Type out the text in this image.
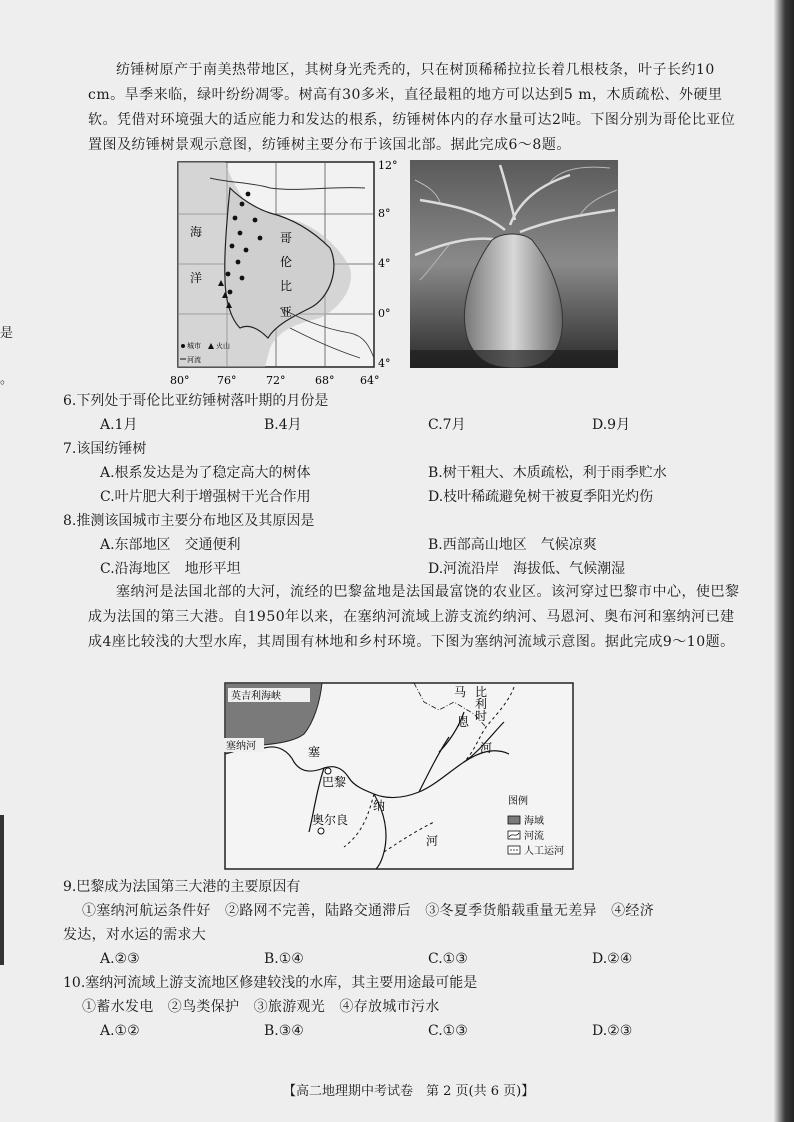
纺锤树原产于南美热带地区，其树身光秃秃的，只在树顶稀稀拉拉长着几根枝条，叶子长约10 cm。旱季来临，绿叶纷纷凋零。树高有30多米，直径最粗的地方可以达到5 m，木质疏松、外硬里软。凭借对环境强大的适应能力和发达的根系，纺锤树体内的存水量可达2吨。下图分别为哥伦比亚位置图及纺锤树景观示意图，纺锤树主要分布于该国北部。据此完成6～8题。

海
洋
哥
伦
比
亚
城市 火山
河流
12°
8°
4°
0°
4°
80°	76°	72°	68° 64°

6.下列处于哥伦比亚纺锤树落叶期的月份是

A.1月	B.4月	C.7月	D.9月

7.该国纺锤树

A.根系发达是为了稳定高大的树体	B.树干粗大、木质疏松，利于雨季贮水
C.叶片肥大利于增强树干光合作用	D.枝叶稀疏避免树干被夏季阳光灼伤

8.推测该国城市主要分布地区及其原因是

A.东部地区　交通便利	B.西部高山地区　气候凉爽
C.沿海地区　地形平坦	D.河流沿岸　海拔低、气候潮湿

塞纳河是法国北部的大河，流经的巴黎盆地是法国最富饶的农业区。该河穿过巴黎市中心，使巴黎成为法国的第三大港。自1950年以来，在塞纳河流域上游支流约纳河、马恩河、奥布河和塞纳河已建成4座比较浅的大型水库，其周围有林地和乡村环境。下图为塞纳河流域示意图。据此完成9～10题。

英吉利海峡
塞纳河	塞
巴黎
纳
奥尔良
河
马
恩
河
比
利
时
图例
海域
河流
人工运河

9.巴黎成为法国第三大港的主要原因有

①塞纳河航运条件好　②路网不完善，陆路交通滞后　③冬夏季货船载重量无差异　④经济
发达，对水运的需求大
A.②③	B.①④	C.①③	D.②④

10.塞纳河流域上游支流地区修建较浅的水库，其主要用途最可能是

①蓄水发电　②鸟类保护　③旅游观光　④存放城市污水
A.①②	B.③④	C.①③	D.②③
【高二地理期中考试卷　第 2 页(共 6 页)】
是
。
